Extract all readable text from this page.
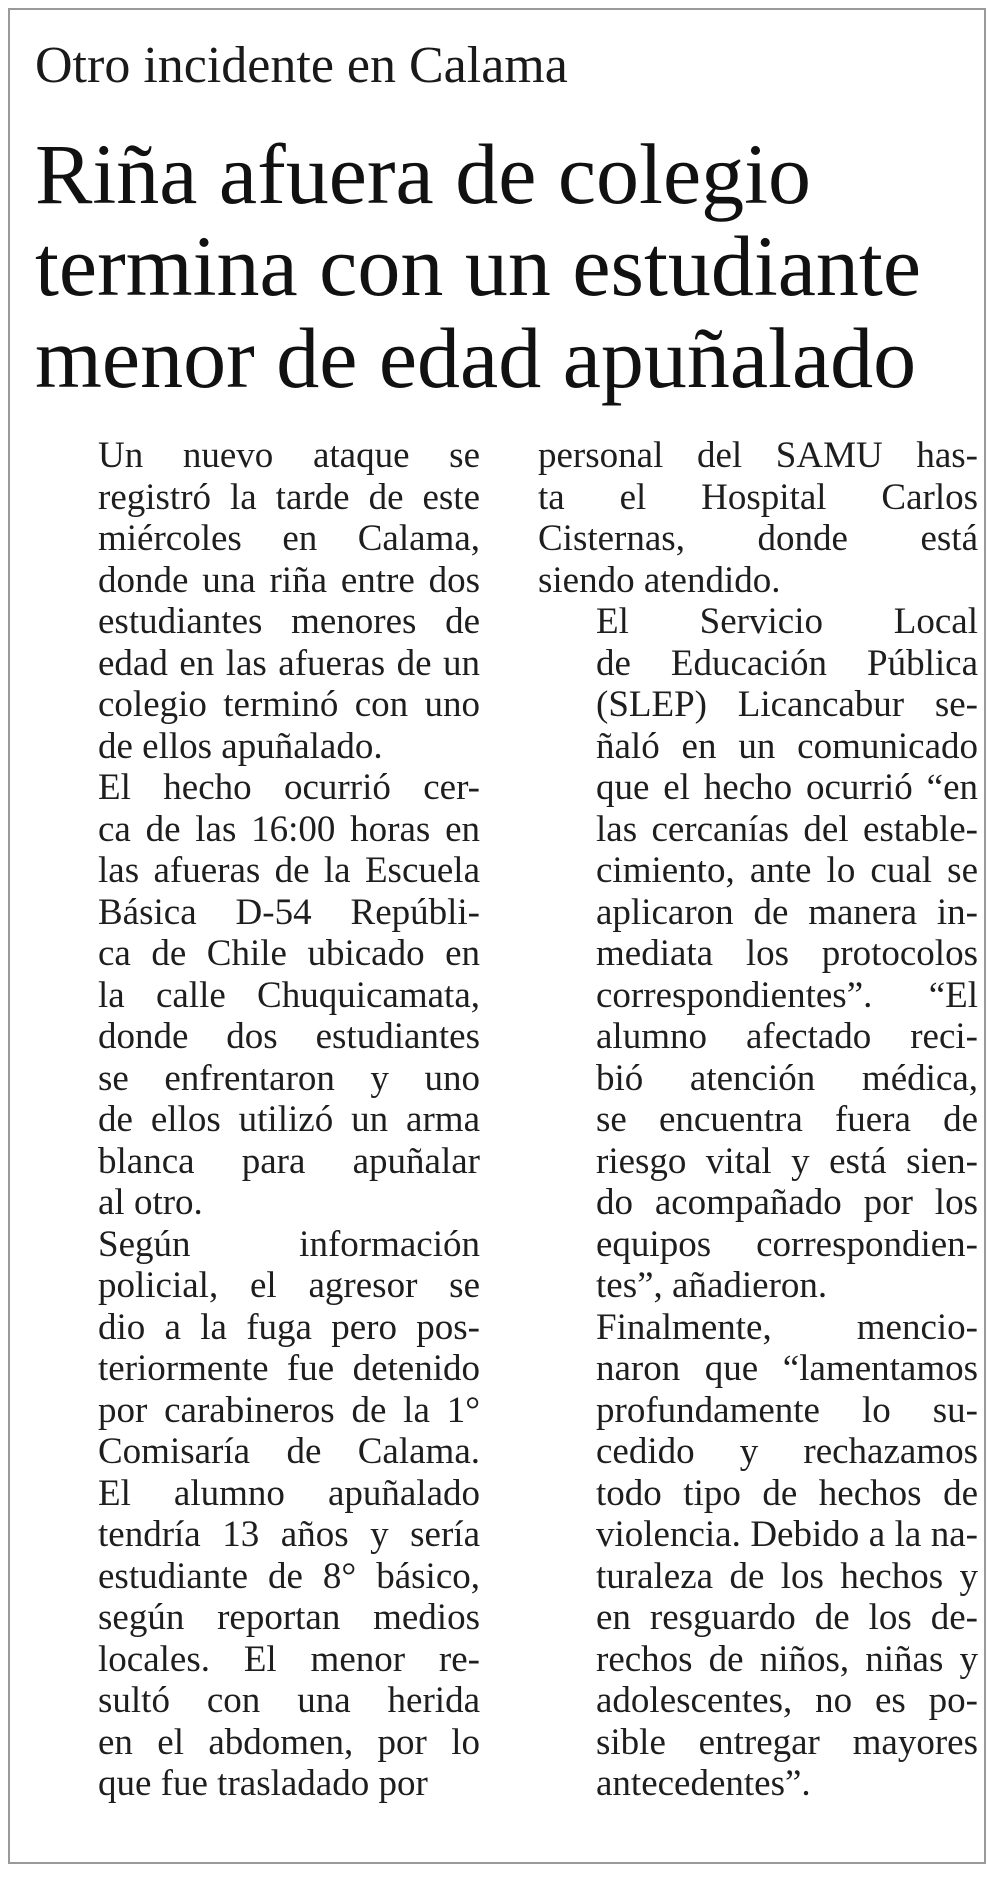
Otro incidente en Calama
Riña afuera de colegio
termina con un estudiante
menor de edad apuñalado

Un nuevo ataque se
registró la tarde de este
miércoles en Calama,
donde una riña entre dos
estudiantes menores de
edad en las afueras de un
colegio terminó con uno
de ellos apuñalado.

El hecho ocurrió cer-
ca de las 16:00 horas en
las afueras de la Escuela
Básica D-54 Repúbli-
ca de Chile ubicado en
la calle Chuquicamata,
donde dos estudiantes
se enfrentaron y uno
de ellos utilizó un arma
blanca para apuñalar
al otro.

Según información
policial, el agresor se
dio a la fuga pero pos-
teriormente fue detenido
por carabineros de la 1°
Comisaría de Calama.
El alumno apuñalado
tendría 13 años y sería
estudiante de 8° básico,
según reportan medios
locales. El menor re-
sultó con una herida
en el abdomen, por lo
que fue trasladado por

personal del SAMU has-
ta el Hospital Carlos
Cisternas, donde está
siendo atendido.

El Servicio Local
de Educación Pública
(SLEP) Licancabur se-
ñaló en un comunicado
que el hecho ocurrió “en
las cercanías del estable-
cimiento, ante lo cual se
aplicaron de manera in-
mediata los protocolos
correspondientes”. “El
alumno afectado reci-
bió atención médica,
se encuentra fuera de
riesgo vital y está sien-
do acompañado por los
equipos correspondien-
tes”, añadieron.

Finalmente, mencio-
naron que “lamentamos
profundamente lo su-
cedido y rechazamos
todo tipo de hechos de
violencia. Debido a la na-
turaleza de los hechos y
en resguardo de los de-
rechos de niños, niñas y
adolescentes, no es po-
sible entregar mayores
antecedentes”.
